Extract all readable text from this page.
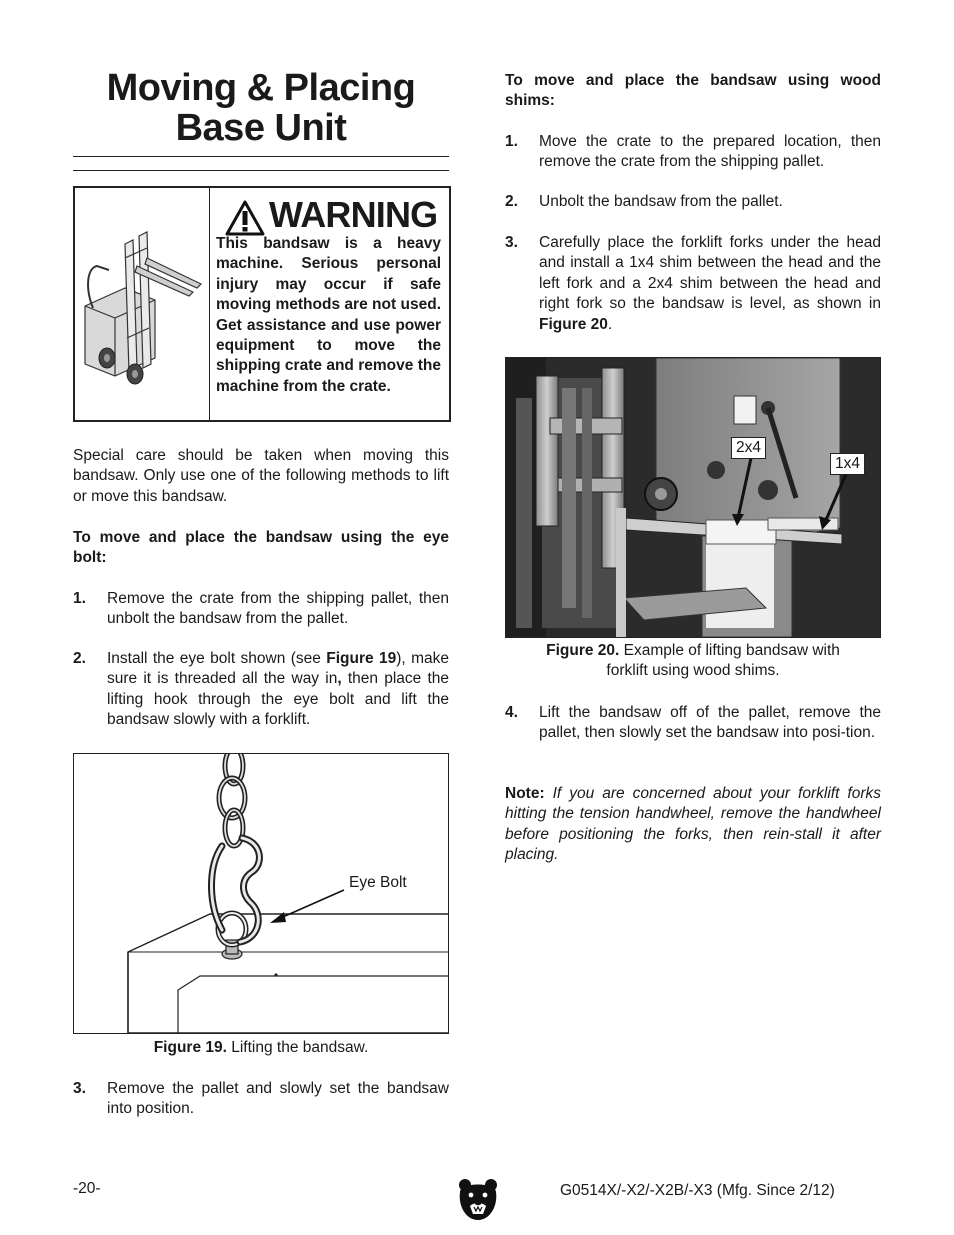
Moving & Placing
Base Unit
WARNING
This bandsaw is a heavy machine. Serious personal injury may occur if safe moving methods are not used. Get assistance and use power equipment to move the shipping crate and remove the machine from the crate.

Special care should be taken when moving this bandsaw. Only use one of the following methods to lift or move this bandsaw.

To move and place the bandsaw using the eye bolt:

1. Remove the crate from the shipping pallet, then unbolt the bandsaw from the pallet.
2. Install the eye bolt shown (see Figure 19), make sure it is threaded all the way in, then place the lifting hook through the eye bolt and lift the bandsaw slowly with a forklift.
Eye Bolt
Figure 19. Lifting the bandsaw.
3. Remove the pallet and slowly set the bandsaw into position.

To move and place the bandsaw using wood shims:

1. Move the crate to the prepared location, then remove the crate from the shipping pallet.
2. Unbolt the bandsaw from the pallet.
3. Carefully place the forklift forks under the head and install a 1x4 shim between the head and the left fork and a 2x4 shim between the head and right fork so the bandsaw is level, as shown in Figure 20.
2x4
1x4
Figure 20. Example of lifting bandsaw with
forklift using wood shims.
4. Lift the bandsaw off of the pallet, remove the pallet, then slowly set the bandsaw into posi-tion.

Note: If you are concerned about your forklift forks hitting the tension handwheel, remove the handwheel before positioning the forks, then rein-stall it after placing.

-20-	G0514X/-X2/-X2B/-X3 (Mfg. Since 2/12)
